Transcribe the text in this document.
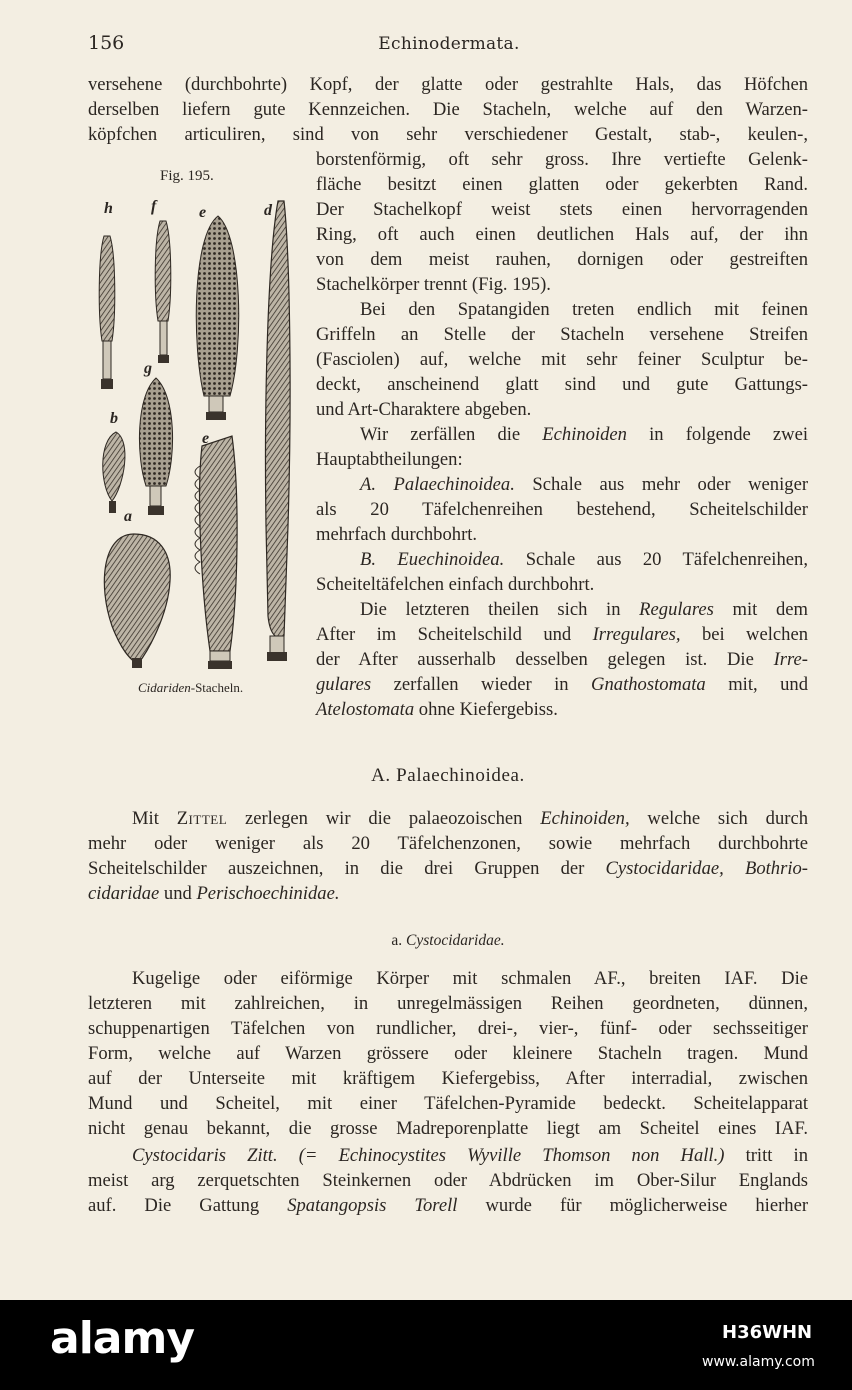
156	Echinodermata.
versehene (durchbohrte) Kopf, der glatte oder gestrahlte Hals, das Höfchen
derselben liefern gute Kennzeichen. Die Stacheln, welche auf den Warzen-
köpfchen articuliren, sind von sehr verschiedener Gestalt, stab-, keulen-,
borstenförmig, oft sehr gross. Ihre vertiefte Gelenk-
fläche besitzt einen glatten oder gekerbten Rand.
Der Stachelkopf weist stets einen hervorragenden
Ring, oft auch einen deutlichen Hals auf, der ihn
von dem meist rauhen, dornigen oder gestreiften
Stachelkörper trennt (Fig. 195).
Bei den Spatangiden treten endlich mit feinen
Griffeln an Stelle der Stacheln versehene Streifen
(Fasciolen) auf, welche mit sehr feiner Sculptur be-
deckt, anscheinend glatt sind und gute Gattungs-
und Art-Charaktere abgeben.
Wir zerfällen die Echinoiden in folgende zwei
Hauptabtheilungen:
A. Palaechinoidea. Schale aus mehr oder weniger
als 20 Täfelchenreihen bestehend, Scheitelschilder
mehrfach durchbohrt.
B. Euechinoidea. Schale aus 20 Täfelchenreihen,
Scheiteltäfelchen einfach durchbohrt.
Die letzteren theilen sich in Regulares mit dem
After im Scheitelschild und Irregulares, bei welchen
der After ausserhalb desselben gelegen ist. Die Irre-
gulares zerfallen wieder in Gnathostomata mit, und
Atelostomata ohne Kiefergebiss.
Fig. 195.
h f	e	d
g
b
e
a
Cidariden-Stacheln.
A. Palaechinoidea.
Mit Zittel zerlegen wir die palaeozoischen Echinoiden, welche sich durch
mehr oder weniger als 20 Täfelchenzonen, sowie mehrfach durchbohrte
Scheitelschilder auszeichnen, in die drei Gruppen der Cystocidaridae, Bothrio-
cidaridae und Perischoechinidae.
a. Cystocidaridae.
Kugelige oder eiförmige Körper mit schmalen AF., breiten IAF. Die
letzteren mit zahlreichen, in unregelmässigen Reihen geordneten, dünnen,
schuppenartigen Täfelchen von rundlicher, drei-, vier-, fünf- oder sechsseitiger
Form, welche auf Warzen grössere oder kleinere Stacheln tragen. Mund
auf der Unterseite mit kräftigem Kiefergebiss, After interradial, zwischen
Mund und Scheitel, mit einer Täfelchen-Pyramide bedeckt. Scheitelapparat
nicht genau bekannt, die grosse Madreporenplatte liegt am Scheitel eines IAF.
Cystocidaris Zitt. (= Echinocystites Wyville Thomson non Hall.) tritt in
meist arg zerquetschten Steinkernen oder Abdrücken im Ober-Silur Englands
auf. Die Gattung Spatangopsis Torell wurde für möglicherweise hierher
alamy	H36WHN
www.alamy.com
